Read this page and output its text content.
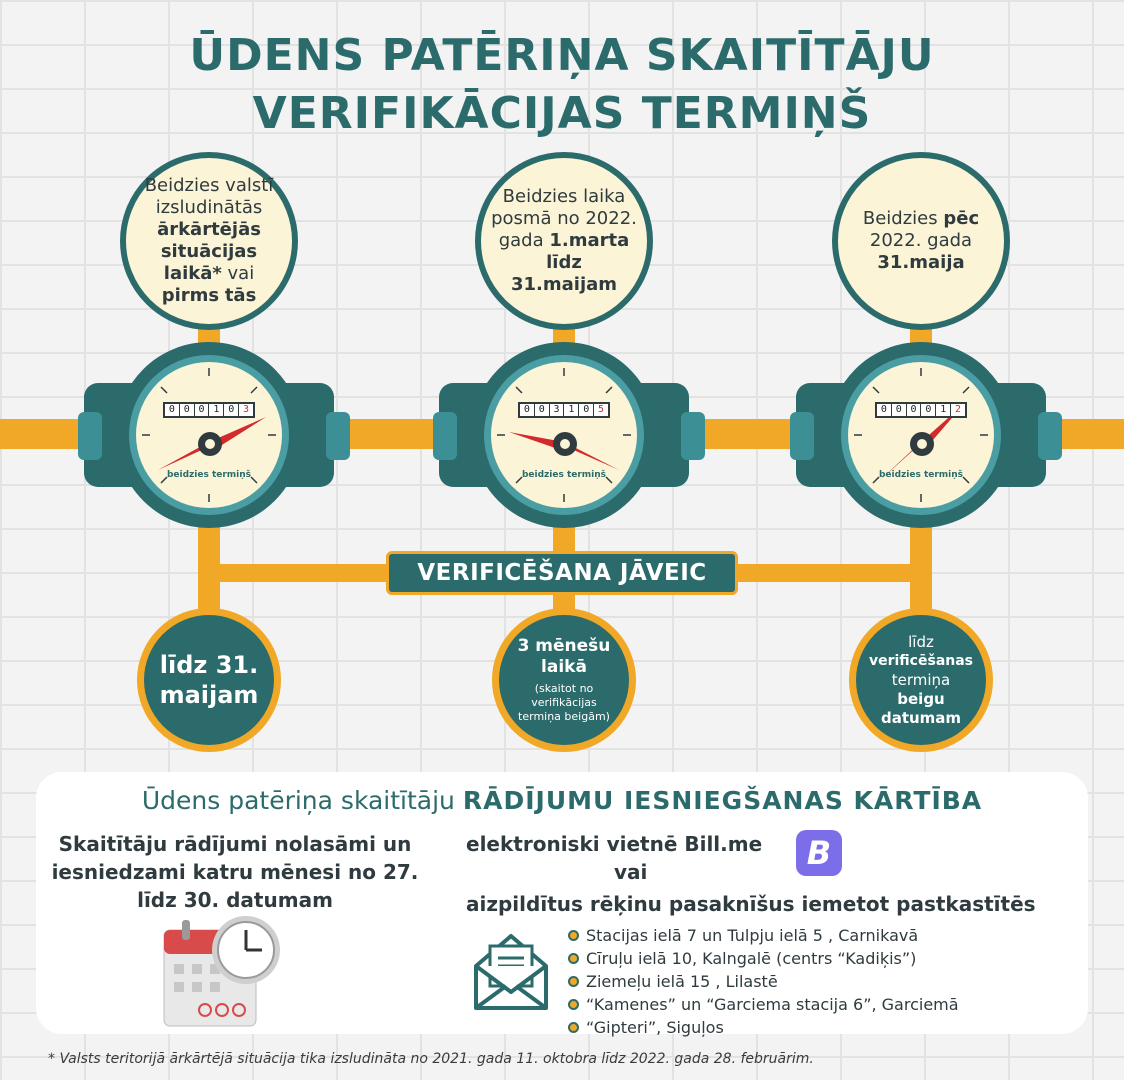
ŪDENS PATĒRIŅA SKAITĪTĀJU
VERIFIKĀCIJAS TERMIŅŠ
Beidzies valstī izsludinātās ārkārtējās situācijas laikā* vai pirms tās
Beidzies laika posmā no 2022. gada 1.marta līdz 31.maijam
Beidzies pēc 2022. gada 31.maija
0 0 0 1 0 3
beidzies termiņš
0 0 3 1 0 5
beidzies termiņš
0 0 0 0 1 2
beidzies termiņš
VERIFICĒŠANA JĀVEIC
līdz 31. maijam
3 mēnešu laikā
(skaitot no verifikācijas termiņa beigām)
līdz
verificēšanas
termiņa
beigu datumam
Ūdens patēriņa skaitītāju RĀDĪJUMU IESNIEGŠANAS KĀRTĪBA
Skaitītāju rādījumi nolasāmi un iesniedzami katru mēnesi no 27. līdz 30. datumam
elektroniski vietnē Bill.me	B
vai
aizpildītus rēķinu pasaknīšus iemetot pastkastītēs
Stacijas ielā 7 un Tulpju ielā 5 , Carnikavā
Cīruļu ielā 10, Kalngalē (centrs “Kadiķis”)
Ziemeļu ielā 15 , Lilastē
“Kamenes” un “Garciema stacija 6”, Garciemā
“Gipteri”, Siguļos
* Valsts teritorijā ārkārtējā situācija tika izsludināta no 2021. gada 11. oktobra līdz 2022. gada 28. februārim.
